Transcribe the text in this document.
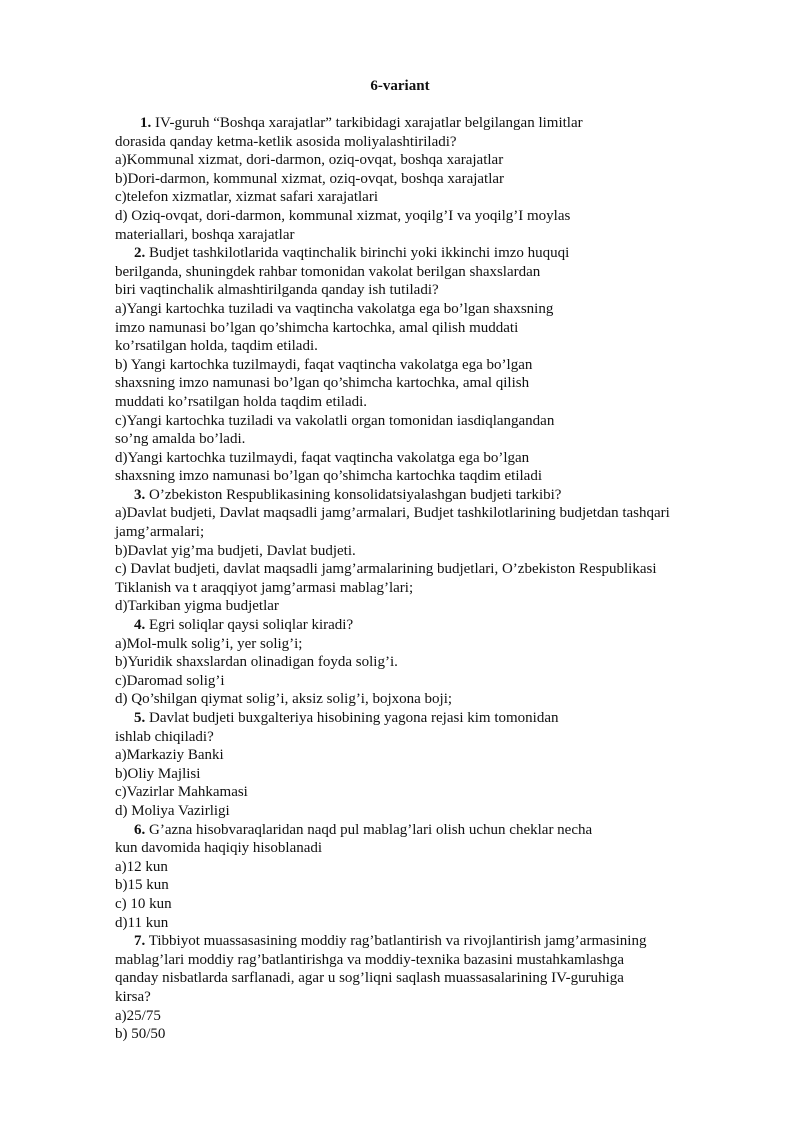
6-variant
1. IV-guruh “Boshqa xarajatlar” tarkibidagi xarajatlar belgilangan limitlar
dorasida qanday ketma-ketlik asosida moliyalashtiriladi?
a)Kommunal xizmat, dori-darmon, oziq-ovqat, boshqa xarajatlar
b)Dori-darmon, kommunal xizmat, oziq-ovqat, boshqa xarajatlar
c)telefon xizmatlar, xizmat safari xarajatlari
d) Oziq-ovqat, dori-darmon, kommunal xizmat, yoqilg’I va yoqilg’I moylas
materiallari, boshqa xarajatlar
2. Budjet tashkilotlarida vaqtinchalik birinchi yoki ikkinchi imzo huquqi
berilganda, shuningdek rahbar tomonidan vakolat berilgan shaxslardan
biri vaqtinchalik almashtirilganda qanday ish tutiladi?
a)Yangi kartochka tuziladi va vaqtincha vakolatga ega bo’lgan shaxsning
imzo namunasi bo’lgan qo’shimcha kartochka, amal qilish muddati
ko’rsatilgan holda, taqdim etiladi.
b) Yangi kartochka tuzilmaydi, faqat vaqtincha vakolatga ega bo’lgan
shaxsning imzo namunasi bo’lgan qo’shimcha kartochka, amal qilish
muddati ko’rsatilgan holda taqdim etiladi.
c)Yangi kartochka tuziladi va vakolatli organ tomonidan iasdiqlangandan
so’ng amalda bo’ladi.
d)Yangi kartochka tuzilmaydi, faqat vaqtincha vakolatga ega bo’lgan
shaxsning imzo namunasi bo’lgan qo’shimcha kartochka taqdim etiladi
3. O’zbekiston Respublikasining konsolidatsiyalashgan budjeti tarkibi?
a)Davlat budjeti, Davlat maqsadli jamg’armalari, Budjet tashkilotlarining budjetdan tashqari
jamg’armalari;
b)Davlat yig’ma budjeti, Davlat budjeti.
c) Davlat budjeti, davlat maqsadli jamg’armalarining budjetlari, O’zbekiston Respublikasi
Tiklanish va t araqqiyot jamg’armasi mablag’lari;
d)Tarkiban yigma budjetlar
4. Egri soliqlar qaysi soliqlar kiradi?
a)Mol-mulk solig’i, yer solig’i;
b)Yuridik shaxslardan olinadigan foyda solig’i.
c)Daromad solig’i
d) Qo’shilgan qiymat solig’i, aksiz solig’i, bojxona boji;
5. Davlat budjeti buxgalteriya hisobining yagona rejasi kim tomonidan
ishlab chiqiladi?
a)Markaziy Banki
b)Oliy Majlisi
c)Vazirlar Mahkamasi
d) Moliya Vazirligi
6. G’azna hisobvaraqlaridan naqd pul mablag’lari olish uchun cheklar necha
kun davomida haqiqiy hisoblanadi
a)12 kun
b)15 kun
c) 10 kun
d)11 kun
7. Tibbiyot muassasasining moddiy rag’batlantirish va rivojlantirish jamg’armasining
mablag’lari moddiy rag’batlantirishga va moddiy-texnika bazasini mustahkamlashga
qanday nisbatlarda sarflanadi, agar u sog’liqni saqlash muassasalarining IV-guruhiga
kirsa?
a)25/75
b) 50/50
